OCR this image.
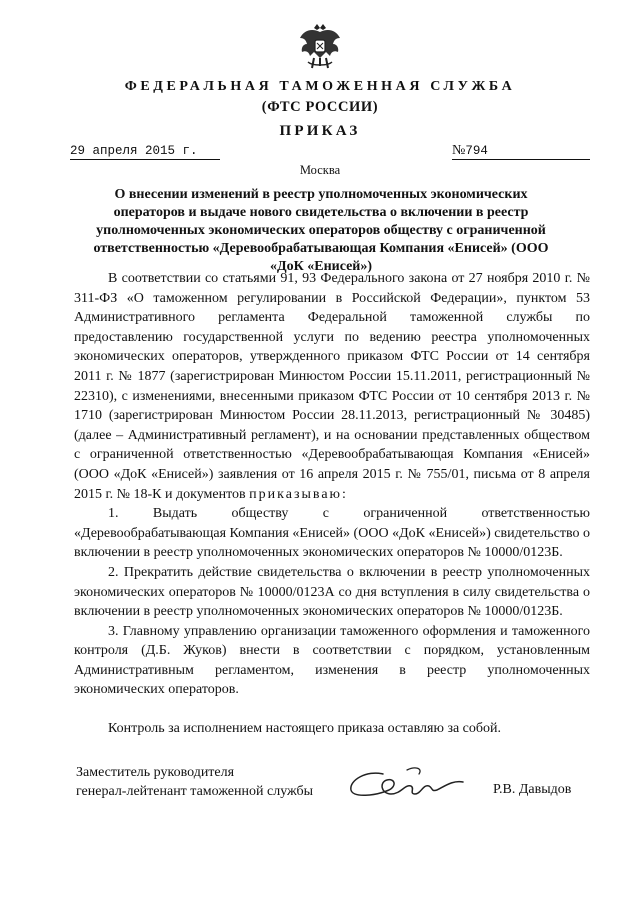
ФЕДЕРАЛЬНАЯ ТАМОЖЕННАЯ СЛУЖБА
(ФТС РОССИИ)
ПРИКАЗ
29 апреля 2015 г.	№794
Москва
О внесении изменений в реестр уполномоченных экономических операторов и выдаче нового свидетельства о включении в реестр уполномоченных экономических операторов обществу с ограниченной ответственностью «Деревообрабатывающая Компания «Енисей» (ООО «ДоК «Енисей»)

В соответствии со статьями 91, 93 Федерального закона от 27 ноября 2010 г. № 311-ФЗ «О таможенном регулировании в Российской Федерации», пунктом 53 Административного регламента Федеральной таможенной службы по предоставлению государственной услуги по ведению реестра уполномоченных экономических операторов, утвержденного приказом ФТС России от 14 сентября 2011 г. № 1877 (зарегистрирован Минюстом России 15.11.2011, регистрационный № 22310), с изменениями, внесенными приказом ФТС России от 10 сентября 2013 г. № 1710 (зарегистрирован Минюстом России 28.11.2013, регистрационный № 30485) (далее – Административный регламент), и на основании представленных обществом с ограниченной ответственностью «Деревообрабатывающая Компания «Енисей» (ООО «ДоК «Енисей») заявления от 16 апреля 2015 г. № 755/01, письма от 8 апреля 2015 г. № 18-К и документов приказываю:

1. Выдать обществу с ограниченной ответственностью «Деревообрабатывающая Компания «Енисей» (ООО «ДоК «Енисей») свидетельство о включении в реестр уполномоченных экономических операторов № 10000/0123Б.

2. Прекратить действие свидетельства о включении в реестр уполномоченных экономических операторов № 10000/0123А со дня вступления в силу свидетельства о включении в реестр уполномоченных экономических операторов № 10000/0123Б.

3. Главному управлению организации таможенного оформления и таможенного контроля (Д.Б. Жуков) внести в соответствии с порядком, установленным Административным регламентом, изменения в реестр уполномоченных экономических операторов.

Контроль за исполнением настоящего приказа оставляю за собой.
Заместитель руководителя
генерал-лейтенант таможенной службы	Р.В. Давыдов
